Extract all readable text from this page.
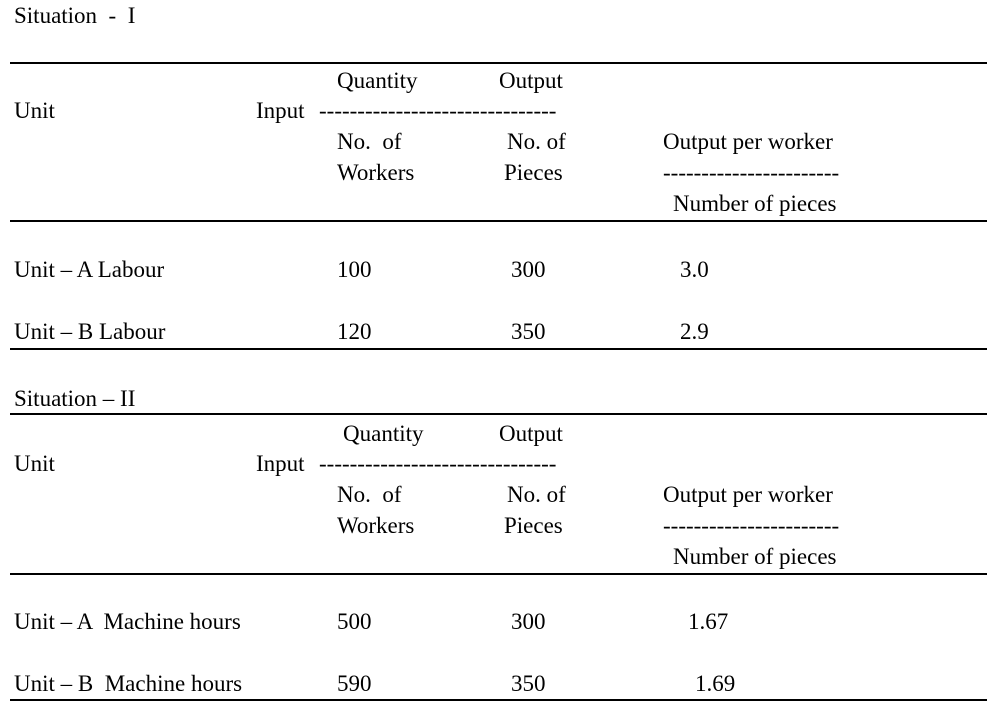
Situation  -  I
Quantity	Output
Unit	Input -------------------------------
No.  of	No. of	Output per worker
Workers	Pieces	-----------------------
Number of pieces
Unit – A Labour	100	300	3.0
Unit – B Labour	120	350	2.9
Situation – II
Quantity	Output
Unit	Input -------------------------------
No.  of	No. of	Output per worker
Workers	Pieces	-----------------------
Number of pieces
Unit – A  Machine hours	500	300	1.67
Unit – B  Machine hours	590	350	1.69
